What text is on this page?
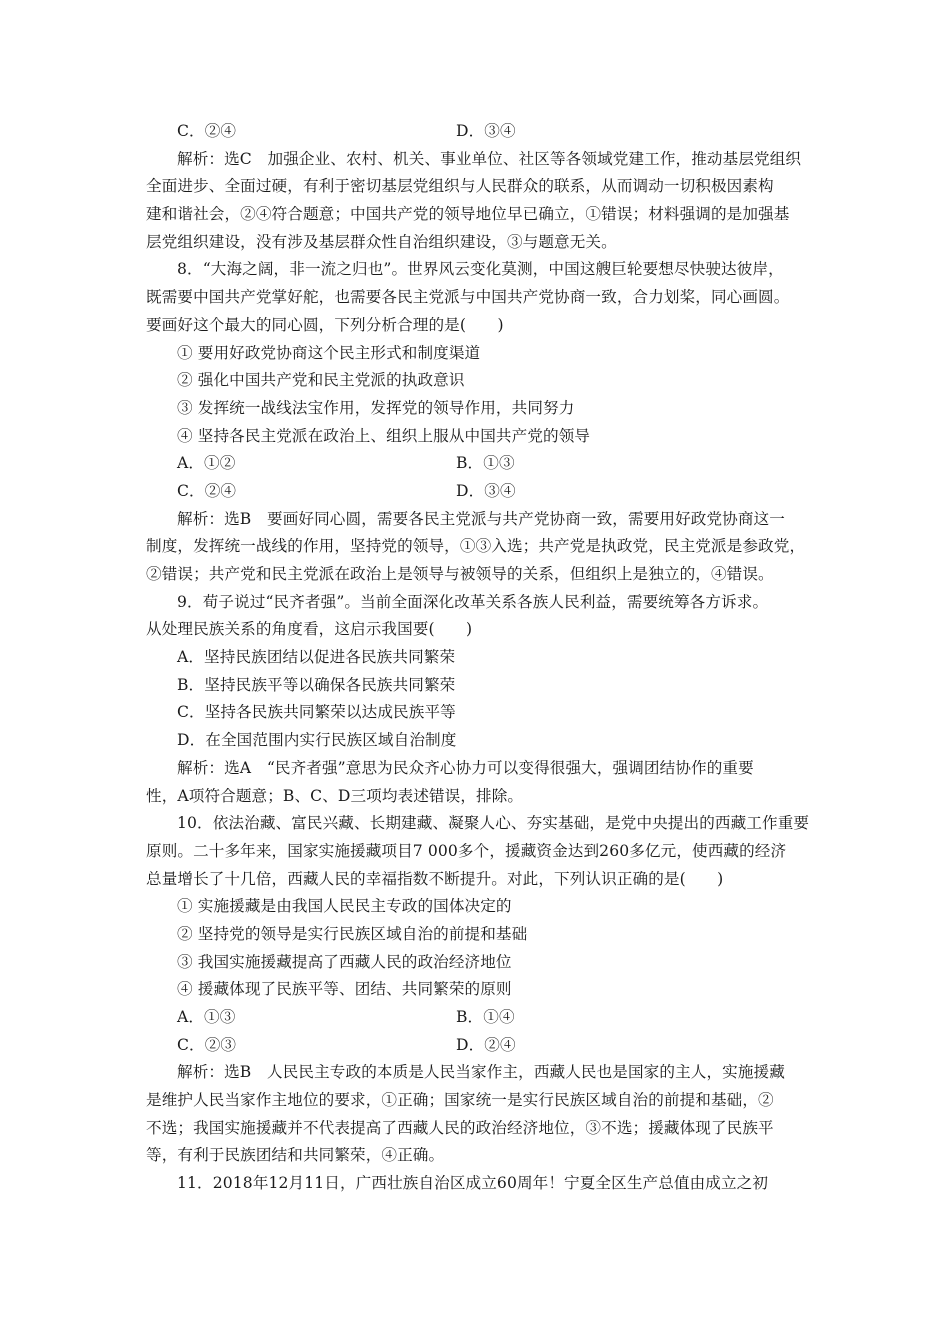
C．②④	D．③④
解析：选C　加强企业、农村、机关、事业单位、社区等各领域党建工作，推动基层党组织
全面进步、全面过硬，有利于密切基层党组织与人民群众的联系，从而调动一切积极因素构
建和谐社会，②④符合题意；中国共产党的领导地位早已确立，①错误；材料强调的是加强基
层党组织建设，没有涉及基层群众性自治组织建设，③与题意无关。
8．“大海之阔，非一流之归也”。世界风云变化莫测，中国这艘巨轮要想尽快驶达彼岸，
既需要中国共产党掌好舵，也需要各民主党派与中国共产党协商一致，合力划桨，同心画圆。
要画好这个最大的同心圆，下列分析合理的是(　　)
① 要用好政党协商这个民主形式和制度渠道
② 强化中国共产党和民主党派的执政意识
③ 发挥统一战线法宝作用，发挥党的领导作用，共同努力
④ 坚持各民主党派在政治上、组织上服从中国共产党的领导
A．①②	B．①③
C．②④	D．③④
解析：选B　要画好同心圆，需要各民主党派与共产党协商一致，需要用好政党协商这一
制度，发挥统一战线的作用，坚持党的领导，①③入选；共产党是执政党，民主党派是参政党，
②错误；共产党和民主党派在政治上是领导与被领导的关系，但组织上是独立的，④错误。
9．荀子说过“民齐者强”。当前全面深化改革关系各族人民利益，需要统筹各方诉求。
从处理民族关系的角度看，这启示我国要(　　)
A．坚持民族团结以促进各民族共同繁荣
B．坚持民族平等以确保各民族共同繁荣
C．坚持各民族共同繁荣以达成民族平等
D．在全国范围内实行民族区域自治制度
解析：选A　“民齐者强”意思为民众齐心协力可以变得很强大，强调团结协作的重要
性，A项符合题意；B、C、D三项均表述错误，排除。
10．依法治藏、富民兴藏、长期建藏、凝聚人心、夯实基础，是党中央提出的西藏工作重要
原则。二十多年来，国家实施援藏项目7 000多个，援藏资金达到260多亿元，使西藏的经济
总量增长了十几倍，西藏人民的幸福指数不断提升。对此，下列认识正确的是(　　)
① 实施援藏是由我国人民民主专政的国体决定的
② 坚持党的领导是实行民族区域自治的前提和基础
③ 我国实施援藏提高了西藏人民的政治经济地位
④ 援藏体现了民族平等、团结、共同繁荣的原则
A．①③	B．①④
C．②③	D．②④
解析：选B　人民民主专政的本质是人民当家作主，西藏人民也是国家的主人，实施援藏
是维护人民当家作主地位的要求，①正确；国家统一是实行民族区域自治的前提和基础，②
不选；我国实施援藏并不代表提高了西藏人民的政治经济地位，③不选；援藏体现了民族平
等，有利于民族团结和共同繁荣，④正确。
11．2018年12月11日，广西壮族自治区成立60周年！宁夏全区生产总值由成立之初
